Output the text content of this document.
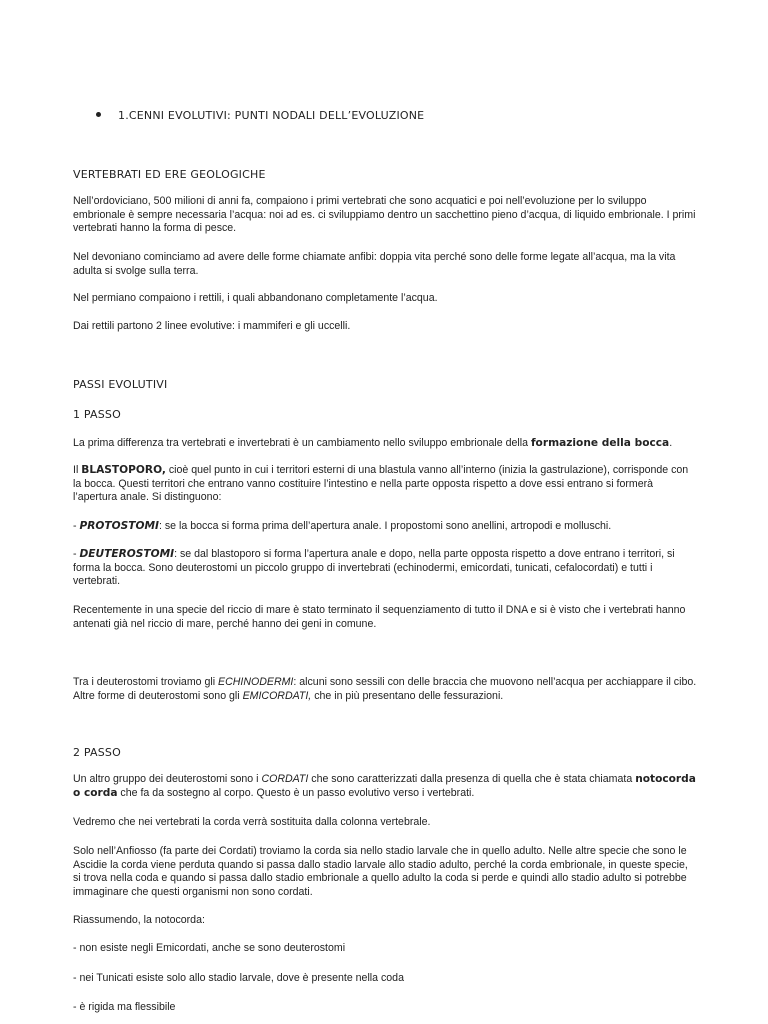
1.CENNI EVOLUTIVI: PUNTI NODALI DELL’EVOLUZIONE
VERTEBRATI ED ERE GEOLOGICHE
Nell’ordoviciano, 500 milioni di anni fa, compaiono i primi vertebrati che sono acquatici e poi nell’evoluzione per lo sviluppo embrionale è sempre necessaria l’acqua: noi ad es. ci sviluppiamo dentro un sacchettino pieno d’acqua, di liquido embrionale. I primi vertebrati hanno la forma di pesce.
Nel devoniano cominciamo ad avere delle forme chiamate anfibi: doppia vita perché sono delle forme legate all’acqua, ma la vita adulta si svolge sulla terra.
Nel permiano compaiono i rettili, i quali abbandonano completamente l’acqua.
Dai rettili partono 2 linee evolutive: i mammiferi e gli uccelli.
PASSI EVOLUTIVI
1 PASSO
La prima differenza tra vertebrati e invertebrati è un cambiamento nello sviluppo embrionale della formazione della bocca.
Il BLASTOPORO, cioè quel punto in cui i territori esterni di una blastula vanno all’interno (inizia la gastrulazione), corrisponde con la bocca. Questi territori che entrano vanno costituire l’intestino e nella parte opposta rispetto a dove essi entrano si formerà l’apertura anale. Si distinguono:
- PROTOSTOMI: se la bocca si forma prima dell’apertura anale. I propostomi sono anellini, artropodi e molluschi.
- DEUTEROSTOMI: se dal blastoporo si forma l’apertura anale e dopo, nella parte opposta rispetto a dove entrano i territori, si forma la bocca. Sono deuterostomi un piccolo gruppo di invertebrati (echinodermi, emicordati, tunicati, cefalocordati) e tutti i vertebrati.
Recentemente in una specie del riccio di mare è stato terminato il sequenziamento di tutto il DNA e si è visto che i vertebrati hanno antenati già nel riccio di mare, perché hanno dei geni in comune.
Tra i deuterostomi troviamo gli ECHINODERMI: alcuni sono sessili con delle braccia che muovono nell’acqua per acchiappare il cibo. Altre forme di deuterostomi sono gli EMICORDATI, che in più presentano delle fessurazioni.
2 PASSO
Un altro gruppo dei deuterostomi sono i CORDATI che sono caratterizzati dalla presenza di quella che è stata chiamata notocorda o corda che fa da sostegno al corpo. Questo è un passo evolutivo verso i vertebrati.
Vedremo che nei vertebrati la corda verrà sostituita dalla colonna vertebrale.
Solo nell’Anfiosso (fa parte dei Cordati) troviamo la corda sia nello stadio larvale che in quello adulto. Nelle altre specie che sono le Ascidie la corda viene perduta quando si passa dallo stadio larvale allo stadio adulto, perché la corda embrionale, in queste specie, si trova nella coda e quando si passa dallo stadio embrionale a quello adulto la coda si perde e quindi allo stadio adulto si potrebbe immaginare che questi organismi non sono cordati.
Riassumendo, la notocorda:
- non esiste negli Emicordati, anche se sono deuterostomi
- nei Tunicati esiste solo allo stadio larvale, dove è presente nella coda
- è rigida ma flessibile
